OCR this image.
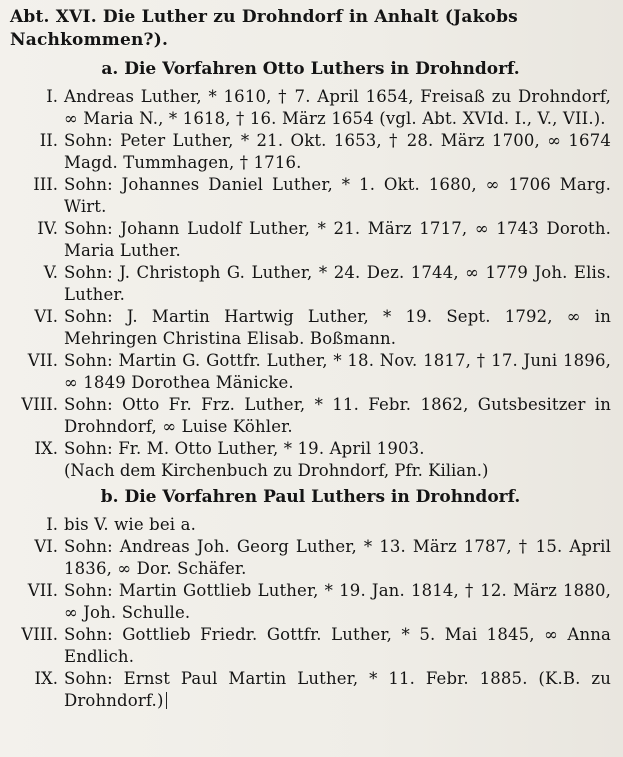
Abt. XVI. Die Luther zu Drohndorf in Anhalt (Jakobs Nachkommen?).
a. Die Vorfahren Otto Luthers in Drohndorf.
I. Andreas Luther, * 1610, † 7. April 1654, Freisaß zu Drohndorf, ∞ Maria N., * 1618, † 16. März 1654 (vgl. Abt. XVId. I., V., VII.).
II. Sohn: Peter Luther, * 21. Okt. 1653, † 28. März 1700, ∞ 1674 Magd. Tummhagen, † 1716.
III. Sohn: Johannes Daniel Luther, * 1. Okt. 1680, ∞ 1706 Marg. Wirt.
IV. Sohn: Johann Ludolf Luther, * 21. März 1717, ∞ 1743 Doroth. Maria Luther.
V. Sohn: J. Christoph G. Luther, * 24. Dez. 1744, ∞ 1779 Joh. Elis. Luther.
VI. Sohn: J. Martin Hartwig Luther, * 19. Sept. 1792, ∞ in Mehringen Christina Elisab. Boßmann.
VII. Sohn: Martin G. Gottfr. Luther, * 18. Nov. 1817, † 17. Juni 1896, ∞ 1849 Dorothea Mänicke.
VIII. Sohn: Otto Fr. Frz. Luther, * 11. Febr. 1862, Gutsbesitzer in Drohndorf, ∞ Luise Köhler.
IX. Sohn: Fr. M. Otto Luther, * 19. April 1903.
(Nach dem Kirchenbuch zu Drohndorf, Pfr. Kilian.)
b. Die Vorfahren Paul Luthers in Drohndorf.
I. bis V. wie bei a.
VI. Sohn: Andreas Joh. Georg Luther, * 13. März 1787, † 15. April 1836, ∞ Dor. Schäfer.
VII. Sohn: Martin Gottlieb Luther, * 19. Jan. 1814, † 12. März 1880, ∞ Joh. Schulle.
VIII. Sohn: Gottlieb Friedr. Gottfr. Luther, * 5. Mai 1845, ∞ Anna Endlich.
IX. Sohn: Ernst Paul Martin Luther, * 11. Febr. 1885. (K.B. zu Drohndorf.)
